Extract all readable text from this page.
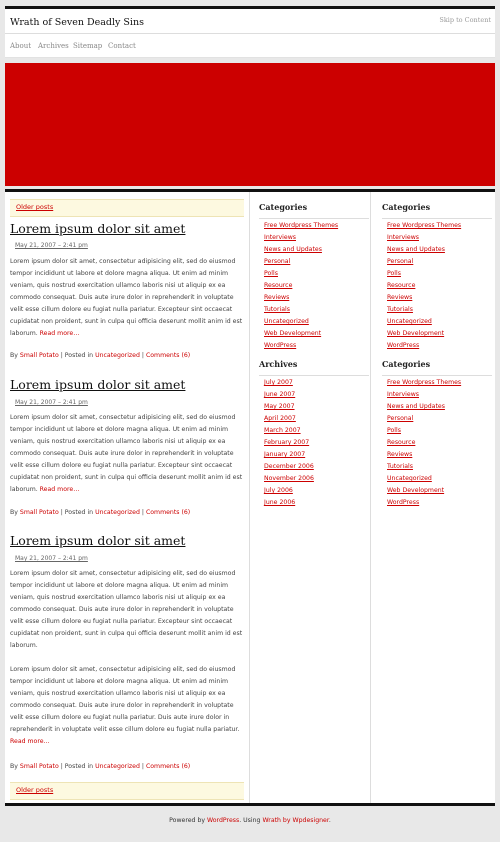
Wrath of Seven Deadly Sins	Skip to Content
About Archives Sitemap Contact
Older posts
Lorem ipsum dolor sit amet
May 21, 2007 – 2:41 pm

Lorem ipsum dolor sit amet, consectetur adipisicing elit, sed do eiusmod tempor incididunt ut labore et dolore magna aliqua. Ut enim ad minim veniam, quis nostrud exercitation ullamco laboris nisi ut aliquip ex ea commodo consequat. Duis aute irure dolor in reprehenderit in voluptate velit esse cillum dolore eu fugiat nulla pariatur. Excepteur sint occaecat cupidatat non proident, sunt in culpa qui officia deserunt mollit anim id est laborum. Read more…

By Small Potato | Posted in Uncategorized | Comments (6)
Lorem ipsum dolor sit amet
May 21, 2007 – 2:41 pm

Lorem ipsum dolor sit amet, consectetur adipisicing elit, sed do eiusmod tempor incididunt ut labore et dolore magna aliqua. Ut enim ad minim veniam, quis nostrud exercitation ullamco laboris nisi ut aliquip ex ea commodo consequat. Duis aute irure dolor in reprehenderit in voluptate velit esse cillum dolore eu fugiat nulla pariatur. Excepteur sint occaecat cupidatat non proident, sunt in culpa qui officia deserunt mollit anim id est laborum. Read more…

By Small Potato | Posted in Uncategorized | Comments (6)
Lorem ipsum dolor sit amet
May 21, 2007 – 2:41 pm

Lorem ipsum dolor sit amet, consectetur adipisicing elit, sed do eiusmod tempor incididunt ut labore et dolore magna aliqua. Ut enim ad minim veniam, quis nostrud exercitation ullamco laboris nisi ut aliquip ex ea commodo consequat. Duis aute irure dolor in reprehenderit in voluptate velit esse cillum dolore eu fugiat nulla pariatur. Excepteur sint occaecat cupidatat non proident, sunt in culpa qui officia deserunt mollit anim id est laborum.

Lorem ipsum dolor sit amet, consectetur adipisicing elit, sed do eiusmod tempor incididunt ut labore et dolore magna aliqua. Ut enim ad minim veniam, quis nostrud exercitation ullamco laboris nisi ut aliquip ex ea commodo consequat. Duis aute irure dolor in reprehenderit in voluptate velit esse cillum dolore eu fugiat nulla pariatur. Duis aute irure dolor in reprehenderit in voluptate velit esse cillum dolore eu fugiat nulla pariatur. Read more…

By Small Potato | Posted in Uncategorized | Comments (6)
Older posts
Categories
Free Wordpress Themes
Interviews
News and Updates
Personal
Polls
Resource
Reviews
Tutorials
Uncategorized
Web Development
WordPress
Archives
July 2007
June 2007
May 2007
April 2007
March 2007
February 2007
January 2007
December 2006
November 2006
July 2006
June 2006
Categories
Free Wordpress Themes
Interviews
News and Updates
Personal
Polls
Resource
Reviews
Tutorials
Uncategorized
Web Development
WordPress
Categories
Free Wordpress Themes
Interviews
News and Updates
Personal
Polls
Resource
Reviews
Tutorials
Uncategorized
Web Development
WordPress
Powered by WordPress. Using Wrath by Wpdesigner.
